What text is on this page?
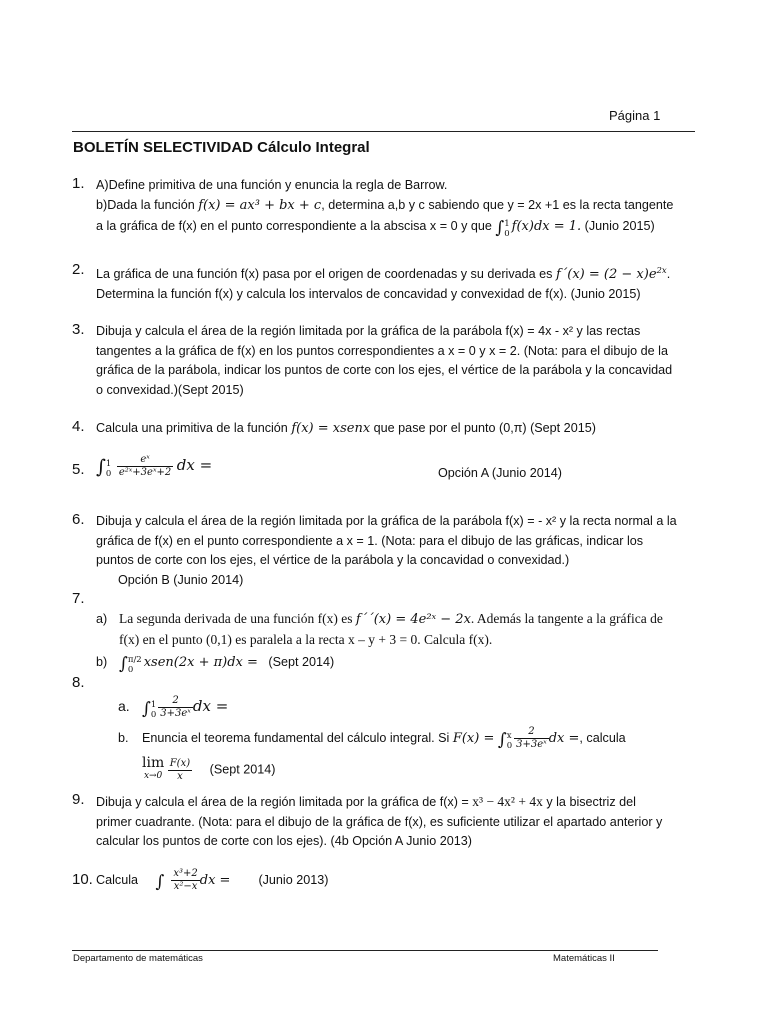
Página 1
BOLETÍN SELECTIVIDAD Cálculo Integral
1. A)Define primitiva de una función y enuncia la regla de Barrow.
b)Dada la función f(x) = ax³ + bx + c, determina a,b y c sabiendo que y = 2x +1 es la recta tangente
a la gráfica de f(x) en el punto correspondiente a la abscisa x = 0 y que ∫ 1
0 f(x)dx = 1. (Junio 2015)
2. La gráfica de una función f(x) pasa por el origen de coordenadas y su derivada es f´(x) = $(2 - x)e^{2x}$.
Determina la función f(x) y calcula los intervalos de concavidad y convexidad de f(x). (Junio 2015)
3. Dibuja y calcula el área de la región limitada por la gráfica de la parábola f(x) = 4x - x² y las rectas
tangentes a la gráfica de f(x) en los puntos correspondientes a x = 0 y x = 2. (Nota: para el dibujo de la
gráfica de la parábola, indicar los puntos de corte con los ejes, el vértice de la parábola y la concavidad
o convexidad.)(Sept 2015)
4. Calcula una primitiva de la función f(x) = xsenx que pase por el punto (0,π) (Sept 2015)
5. ∫ 1
0
$\frac{\text{eˣ}}{\text{e²ˣ+3eˣ+2}}$ dx =	Opción A (Junio 2014)
6. Dibuja y calcula el área de la región limitada por la gráfica de la parábola f(x) = - x² y la recta normal a la
gráfica de f(x) en el punto correspondiente a x = 1. (Nota: para el dibujo de las gráficas, indicar los
puntos de corte con los ejes, el vértice de la parábola y la concavidad o convexidad.)
Opción B (Junio 2014)
7.
a) La segunda derivada de una función f(x) es f´´(x) = 4e²ˣ − 2x. Además la tangente a la gráfica de
f(x) en el punto (0,1) es paralela a la recta x – y + 3 = 0. Calcula f(x).
b) ∫ π/2
0 xsen(2x + π)dx = (Sept 2014)
8.
a. ∫ 1
$0 \frac{2}{\text{3+3eˣ}}$ dx =
b. Enuncia el teorema fundamental del cálculo integral. Si F(x) = ∫ x
$0 \frac{2}{\text{3+3eˣ}}$ dx =, calcula
lim
x→0
$\frac{F(x)}{x}$ (Sept 2014)
9. Dibuja y calcula el área de la región limitada por la gráfica de f(x) = x³ − 4x² + 4x y la bisectriz del
primer cuadrante. (Nota: para el dibujo de la gráfica de f(x), es suficiente utilizar el apartado anterior y
calcular los puntos de corte con los ejes). (4b Opción A Junio 2013)
10. Calcula ∫ $\frac{\text{x³+2}}{\text{x²−x}}$ dx = (Junio 2013)
Departamento de matemáticas	Matemáticas II
